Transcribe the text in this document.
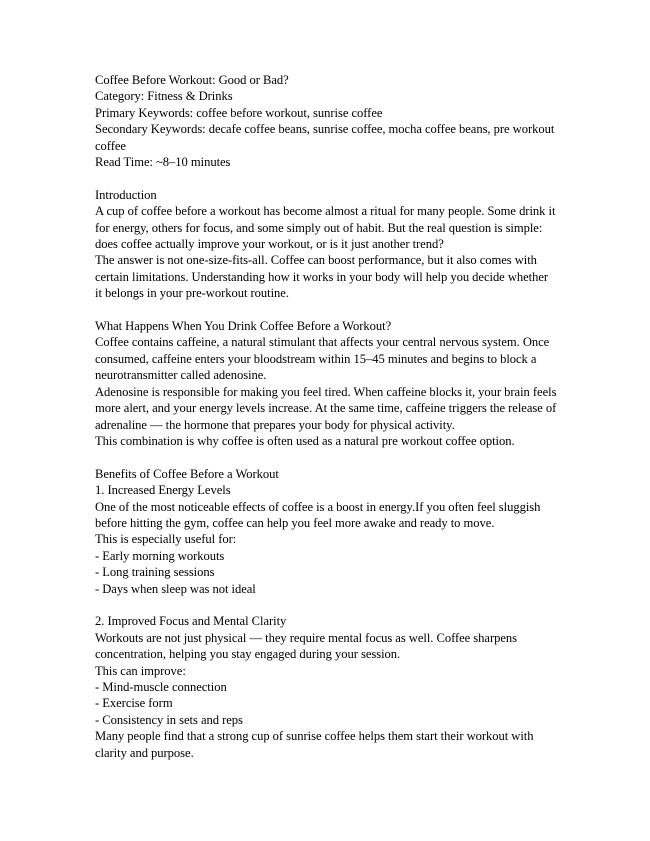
Coffee Before Workout: Good or Bad?
Category: Fitness & Drinks
Primary Keywords: coffee before workout, sunrise coffee
Secondary Keywords: decafe coffee beans, sunrise coffee, mocha coffee beans, pre workout
coffee
Read Time: ~8–10 minutes
Introduction
A cup of coffee before a workout has become almost a ritual for many people. Some drink it
for energy, others for focus, and some simply out of habit. But the real question is simple:
does coffee actually improve your workout, or is it just another trend?
The answer is not one-size-fits-all. Coffee can boost performance, but it also comes with
certain limitations. Understanding how it works in your body will help you decide whether
it belongs in your pre-workout routine.
What Happens When You Drink Coffee Before a Workout?
Coffee contains caffeine, a natural stimulant that affects your central nervous system. Once
consumed, caffeine enters your bloodstream within 15–45 minutes and begins to block a
neurotransmitter called adenosine.
Adenosine is responsible for making you feel tired. When caffeine blocks it, your brain feels
more alert, and your energy levels increase. At the same time, caffeine triggers the release of
adrenaline — the hormone that prepares your body for physical activity.
This combination is why coffee is often used as a natural pre workout coffee option.
Benefits of Coffee Before a Workout
1. Increased Energy Levels
One of the most noticeable effects of coffee is a boost in energy.If you often feel sluggish
before hitting the gym, coffee can help you feel more awake and ready to move.
This is especially useful for:
- Early morning workouts
- Long training sessions
- Days when sleep was not ideal
2. Improved Focus and Mental Clarity
Workouts are not just physical — they require mental focus as well. Coffee sharpens
concentration, helping you stay engaged during your session.
This can improve:
- Mind-muscle connection
- Exercise form
- Consistency in sets and reps
Many people find that a strong cup of sunrise coffee helps them start their workout with
clarity and purpose.
